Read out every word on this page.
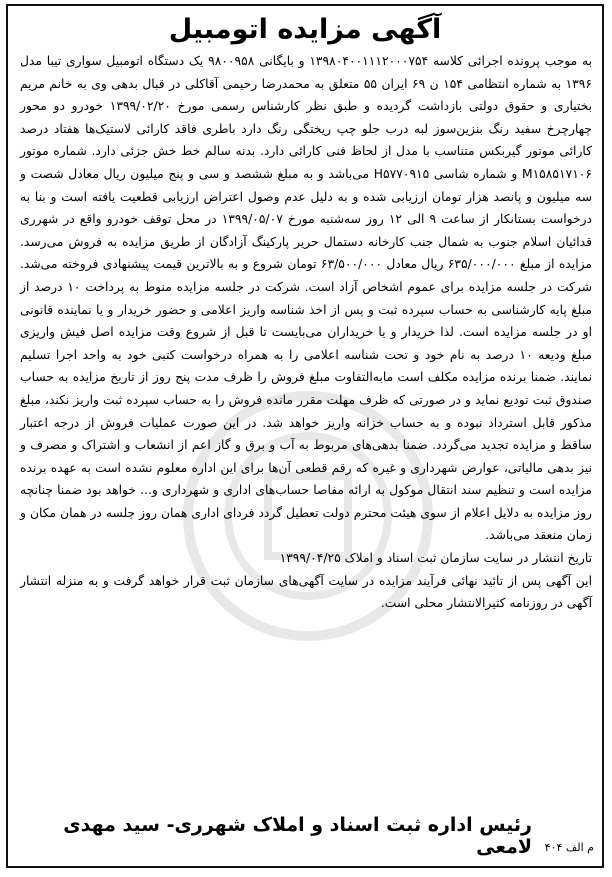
آگهی مزایده اتومبیل

به موجب پرونده اجرائی کلاسه ۱۳۹۸۰۴۰۰۱۱۱۲۰۰۰۷۵۴ و بایگانی ۹۸۰۰۹۵۸ یک دستگاه اتومبیل سواری تیبا مدل ۱۳۹۶ به شماره انتظامی ۱۵۴ ن ۶۹ ایران ۵۵ متعلق به محمدرضا رحیمی آقاکلی در قبال بدهی وی به خانم مریم بختیاری و حقوق دولتی بازداشت گردیده و طبق نظر کارشناس رسمی مورخ ۱۳۹۹/۰۲/۲۰ خودرو دو محور چهارچرخ سفید رنگ بنزین‌سوز لبه درب جلو چپ ریختگی رنگ دارد باطری فاقد کارائی لاستیک‌ها هفتاد درصد کارائی موتور گیربکس متناسب با مدل از لحاظ فنی کارائی دارد. بدنه سالم خط خش جزئی دارد. شماره موتور M۱۵۸۵۱۷۱۰۶ و شماره شاسی H۵۷۷۰۹۱۵ می‌باشد و به مبلغ ششصد و سی و پنج میلیون ریال معادل شصت و سه میلیون و پانصد هزار تومان ارزیابی شده و به دلیل عدم وصول اعتراض ارزیابی قطعیت یافته است و بنا به درخواست بستانکار از ساعت ۹ الی ۱۲ روز سه‌شنبه مورخ ۱۳۹۹/۰۵/۰۷ در محل توقف خودرو واقع در شهرری قدائیان اسلام جنوب به شمال جنب کارخانه دستمال حریر پارکینگ آزادگان از طریق مزایده به فروش می‌رسد. مزایده از مبلغ ۶۳۵/۰۰۰/۰۰۰ ریال معادل ۶۳/۵۰۰/۰۰۰ تومان شروع و به بالاترین قیمت پیشنهادی فروخته می‌شد. شرکت در جلسه مزایده برای عموم اشخاص آزاد است. شرکت در جلسه مزایده منوط به پرداخت ۱۰ درصد از مبلغ پایه کارشناسی به حساب سپرده ثبت و پس از اخذ شناسه واریز اعلامی و حضور خریدار و یا نماینده قانونی او در جلسه مزایده است. لذا خریدار و یا خریداران می‌بایست تا قبل از شروع وقت مزایده اصل فیش واریزی مبلغ ودیعه ۱۰ درصد به نام خود و تحت شناسه اعلامی را به همراه درخواست کتبی خود به واحد اجرا تسلیم نمایند. ضمنا برنده مزایده مکلف است مابه‌التفاوت مبلغ فروش را ظرف مدت پنج روز از تاریخ مزایده به حساب صندوق ثبت تودیع نماید و در صورتی که ظرف مهلت مقرر مانده فروش را به حساب سپرده ثبت واریز نکند، مبلغ مذکور قابل استرداد نبوده و به حساب خزانه واریز خواهد شد. در این صورت عملیات فروش از درجه اعتبار ساقط و مزایده تجدید می‌گردد. ضمنا بدهی‌های مربوط به آب و برق و گاز اعم از انشعاب و اشتراک و مصرف و نیز بدهی مالیاتی، عوارض شهرداری و غیره که رقم قطعی آن‌ها برای این اداره معلوم نشده است به عهده برنده مزایده است و تنظیم سند انتقال موکول به ارائه مفاصا حساب‌های اداری و شهرداری و... خواهد بود ضمنا چنانچه روز مزایده به دلایل اعلام از سوی هیئت محترم دولت تعطیل گردد فردای اداری همان روز جلسه در همان مکان و زمان منعقد می‌باشد.

تاریخ انتشار در سایت سازمان ثبت اسناد و املاک ۱۳۹۹/۰۴/۲۵

این آگهی پس از تائید نهائی فرآیند مزایده در سایت آگهی‌های سازمان ثبت قرار خواهد گرفت و به منزله انتشار آگهی در روزنامه کثیرالانتشار محلی است.

م الف ۴۰۴
رئیس اداره ثبت اسناد و املاک شهرری- سید مهدی لامعی
